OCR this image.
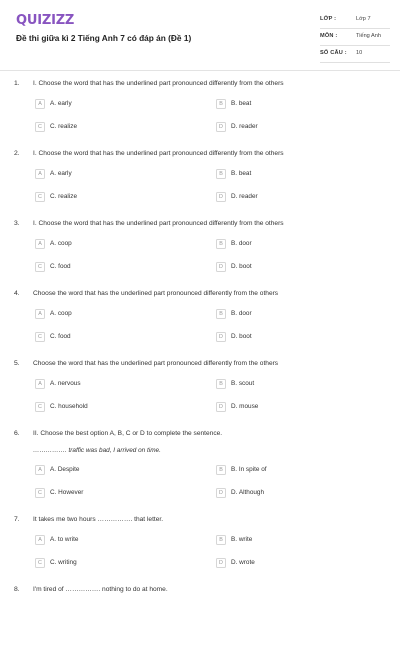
QUIZIZZ
Đề thi giữa kì 2 Tiếng Anh 7 có đáp án (Đề 1)
LỚP :	Lớp 7
MÔN :	Tiếng Anh
SỐ CÂU : 10
1. I. Choose the word that has the underlined part pronounced differently from the others
A	A. early	B	B. beat
C	C. realize	D	D. reader
2. I. Choose the word that has the underlined part pronounced differently from the others
A	A. early	B	B. beat
C	C. realize	D	D. reader
3. I. Choose the word that has the underlined part pronounced differently from the others
A	A. coop	B	B. door
C	C. food	D	D. boot
4. Choose the word that has the underlined part pronounced differently from the others
A	A. coop	B	B. door
C	C. food	D	D. boot
5. Choose the word that has the underlined part pronounced differently from the others
A	A. nervous	B	B. scout
C	C. household	D	D. mouse
6. II. Choose the best option A, B, C or D to complete the sentence.
……………. traffic was bad, I arrived on time.
A	A. Despite	B	B. In spite of
C	C. However	D	D. Although
7. It takes me two hours ……………. that letter.
A	A. to write	B	B. write
C	C. writing	D	D. wrote
8. I'm tired of ……………. nothing to do at home.
